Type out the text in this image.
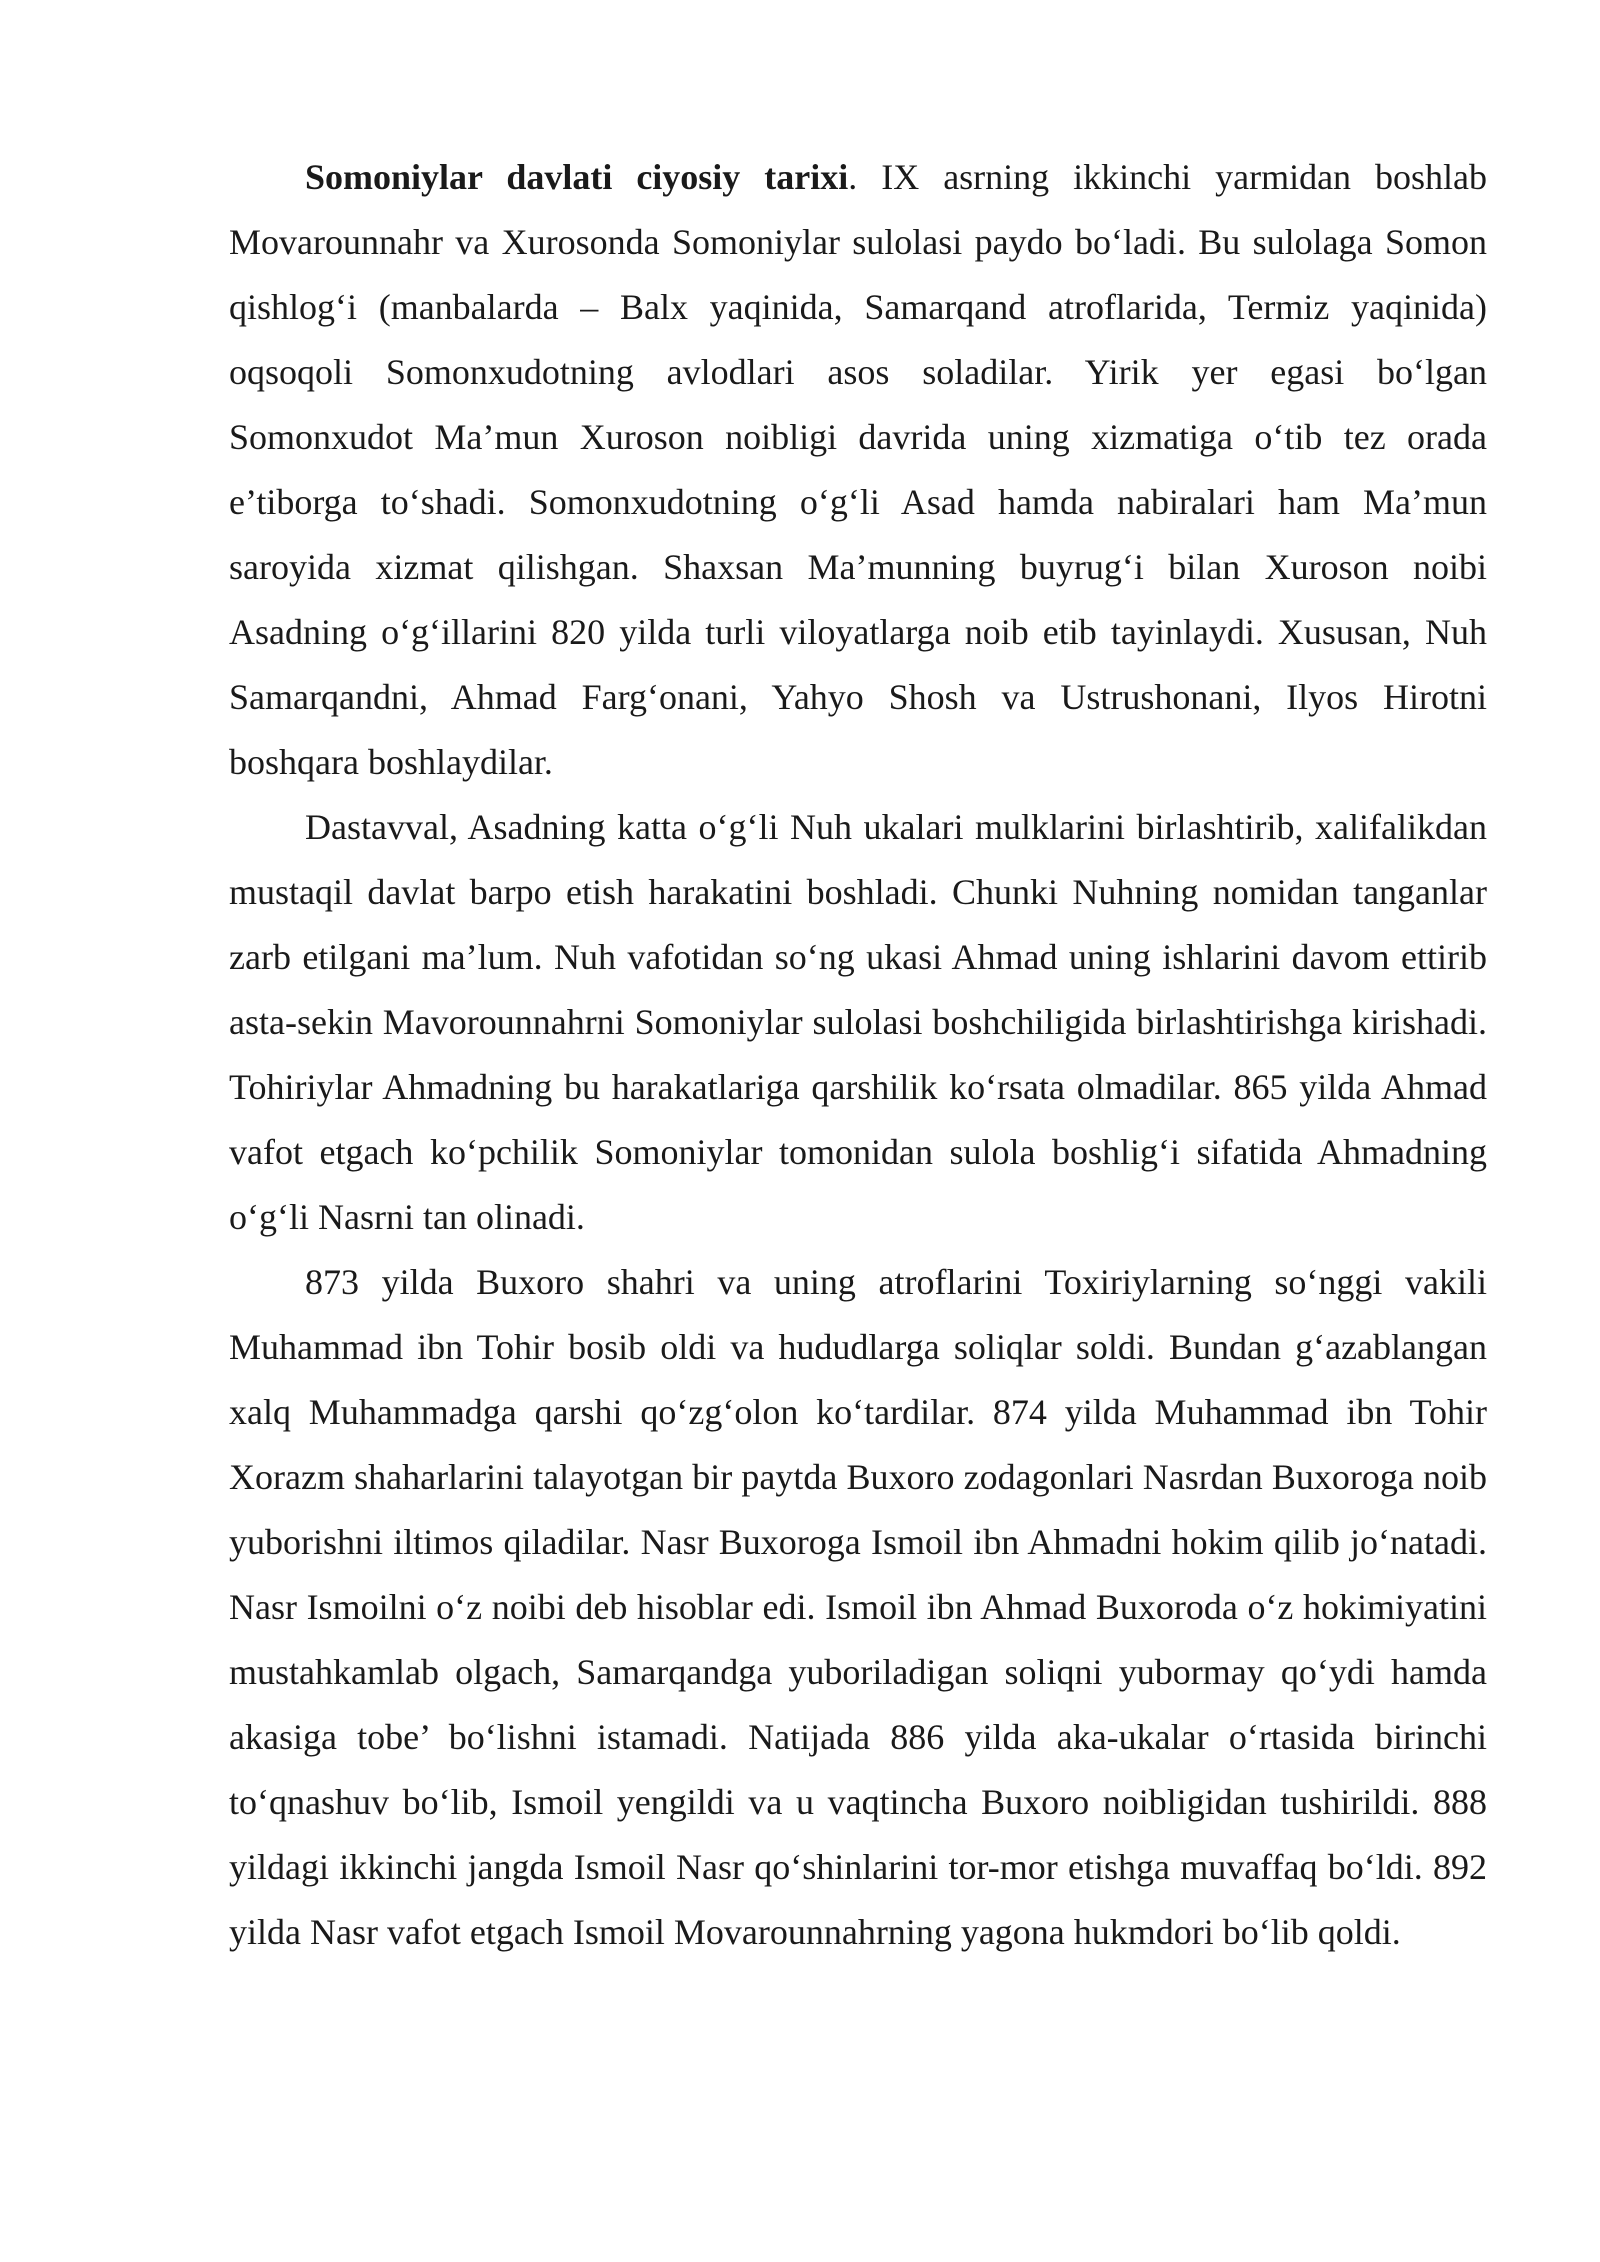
Somoniylar davlati ciyosiy tarixi. IX asrning ikkinchi yarmidan boshlab Movarounnahr va Xurosonda Somoniylar sulolasi paydo bo‘ladi. Bu sulolaga Somon qishlog‘i (manbalarda – Balx yaqinida, Samarqand atroflarida, Termiz yaqinida) oqsoqoli Somonxudotning avlodlari asos soladilar. Yirik yer egasi bo‘lgan Somonxudot Ma’mun Xuroson noibligi davrida uning xizmatiga o‘tib tez orada e’tiborga to‘shadi. Somonxudotning o‘g‘li Asad hamda nabiralari ham Ma’mun saroyida xizmat qilishgan. Shaxsan Ma’munning buyrug‘i bilan Xuroson noibi Asadning o‘g‘illarini 820 yilda turli viloyatlarga noib etib tayinlaydi. Xususan, Nuh Samarqandni, Ahmad Farg‘onani, Yahyo Shosh va Ustrushonani, Ilyos Hirotni boshqara boshlaydilar.

Dastavval, Asadning katta o‘g‘li Nuh ukalari mulklarini birlashtirib, xalifalikdan mustaqil davlat barpo etish harakatini boshladi. Chunki Nuhning nomidan tanganlar zarb etilgani ma’lum. Nuh vafotidan so‘ng ukasi Ahmad uning ishlarini davom ettirib asta-sekin Mavorounnahrni Somoniylar sulolasi boshchiligida birlashtirishga kirishadi. Tohiriylar Ahmadning bu harakatlariga qarshilik ko‘rsata olmadilar. 865 yilda Ahmad vafot etgach ko‘pchilik Somoniylar tomonidan sulola boshlig‘i sifatida Ahmadning o‘g‘li Nasrni tan olinadi.

873 yilda Buxoro shahri va uning atroflarini Toxiriylarning so‘nggi vakili Muhammad ibn Tohir bosib oldi va hududlarga soliqlar soldi. Bundan g‘azablangan xalq Muhammadga qarshi qo‘zg‘olon ko‘tardilar. 874 yilda Muhammad ibn Tohir Xorazm shaharlarini talayotgan bir paytda Buxoro zodagonlari Nasrdan Buxoroga noib yuborishni iltimos qiladilar. Nasr Buxoroga Ismoil ibn Ahmadni hokim qilib jo‘natadi. Nasr Ismoilni o‘z noibi deb hisoblar edi. Ismoil ibn Ahmad Buxoroda o‘z hokimiyatini mustahkamlab olgach, Samarqandga yuboriladigan soliqni yubormay qo‘ydi hamda akasiga tobe’ bo‘lishni istamadi. Natijada 886 yilda aka-ukalar o‘rtasida birinchi to‘qnashuv bo‘lib, Ismoil yengildi va u vaqtincha Buxoro noibligidan tushirildi. 888 yildagi ikkinchi jangda Ismoil Nasr qo‘shinlarini tor-mor etishga muvaffaq bo‘ldi. 892 yilda Nasr vafot etgach Ismoil Movarounnahrning yagona hukmdori bo‘lib qoldi.
